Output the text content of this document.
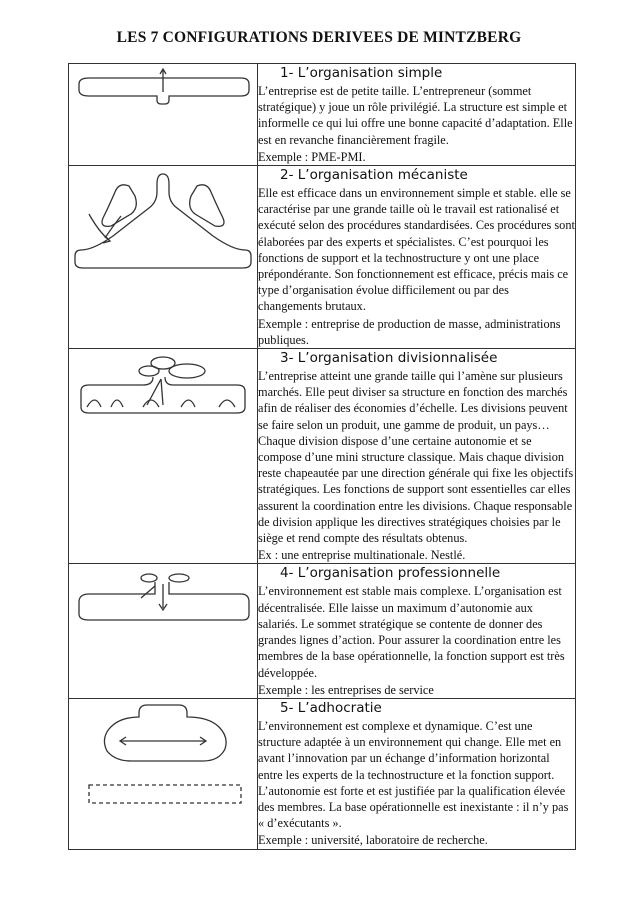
LES 7 CONFIGURATIONS DERIVEES DE MINTZBERG

1- L’organisation simple
L’entreprise est de petite taille. L’entrepreneur (sommet stratégique) y joue un rôle privilégié. La structure est simple et informelle ce qui lui offre une bonne capacité d’adaptation. Elle est en revanche financièrement fragile.
Exemple : PME-PMI.

2- L’organisation mécaniste
Elle est efficace dans un environnement simple et stable. elle se caractérise par une grande taille où le travail est rationalisé et exécuté selon des procédures standardisées. Ces procédures sont élaborées par des experts et spécialistes. C’est pourquoi les fonctions de support et la technostructure y ont une place prépondérante. Son fonctionnement est efficace, précis mais ce type d’organisation évolue difficilement ou par des changements brutaux.
Exemple : entreprise de production de masse, administrations publiques.

3- L’organisation divisionnalisée
L’entreprise atteint une grande taille qui l’amène sur plusieurs marchés. Elle peut diviser sa structure en fonction des marchés afin de réaliser des économies d’échelle. Les divisions peuvent se faire selon un produit, une gamme de produit, un pays… Chaque division dispose d’une certaine autonomie et se compose d’une mini structure classique. Mais chaque division reste chapeautée par une direction générale qui fixe les objectifs stratégiques. Les fonctions de support sont essentielles car elles assurent la coordination entre les divisions. Chaque responsable de division applique les directives stratégiques choisies par le siège et rend compte des résultats obtenus.
Ex : une entreprise multinationale. Nestlé.

4- L’organisation professionnelle
L’environnement est stable mais complexe. L’organisation est décentralisée. Elle laisse un maximum d’autonomie aux salariés. Le sommet stratégique se contente de donner des grandes lignes d’action. Pour assurer la coordination entre les membres de la base opérationnelle, la fonction support est très développée.
Exemple : les entreprises de service

5- L’adhocratie
L’environnement est complexe et dynamique. C’est une structure adaptée à un environnement qui change. Elle met en avant l’innovation par un échange d’information horizontal entre les experts de la technostructure et la fonction support. L’autonomie est forte et est justifiée par la qualification élevée des membres. La base opérationnelle est inexistante : il n’y pas « d’exécutants ».
Exemple : université, laboratoire de recherche.
